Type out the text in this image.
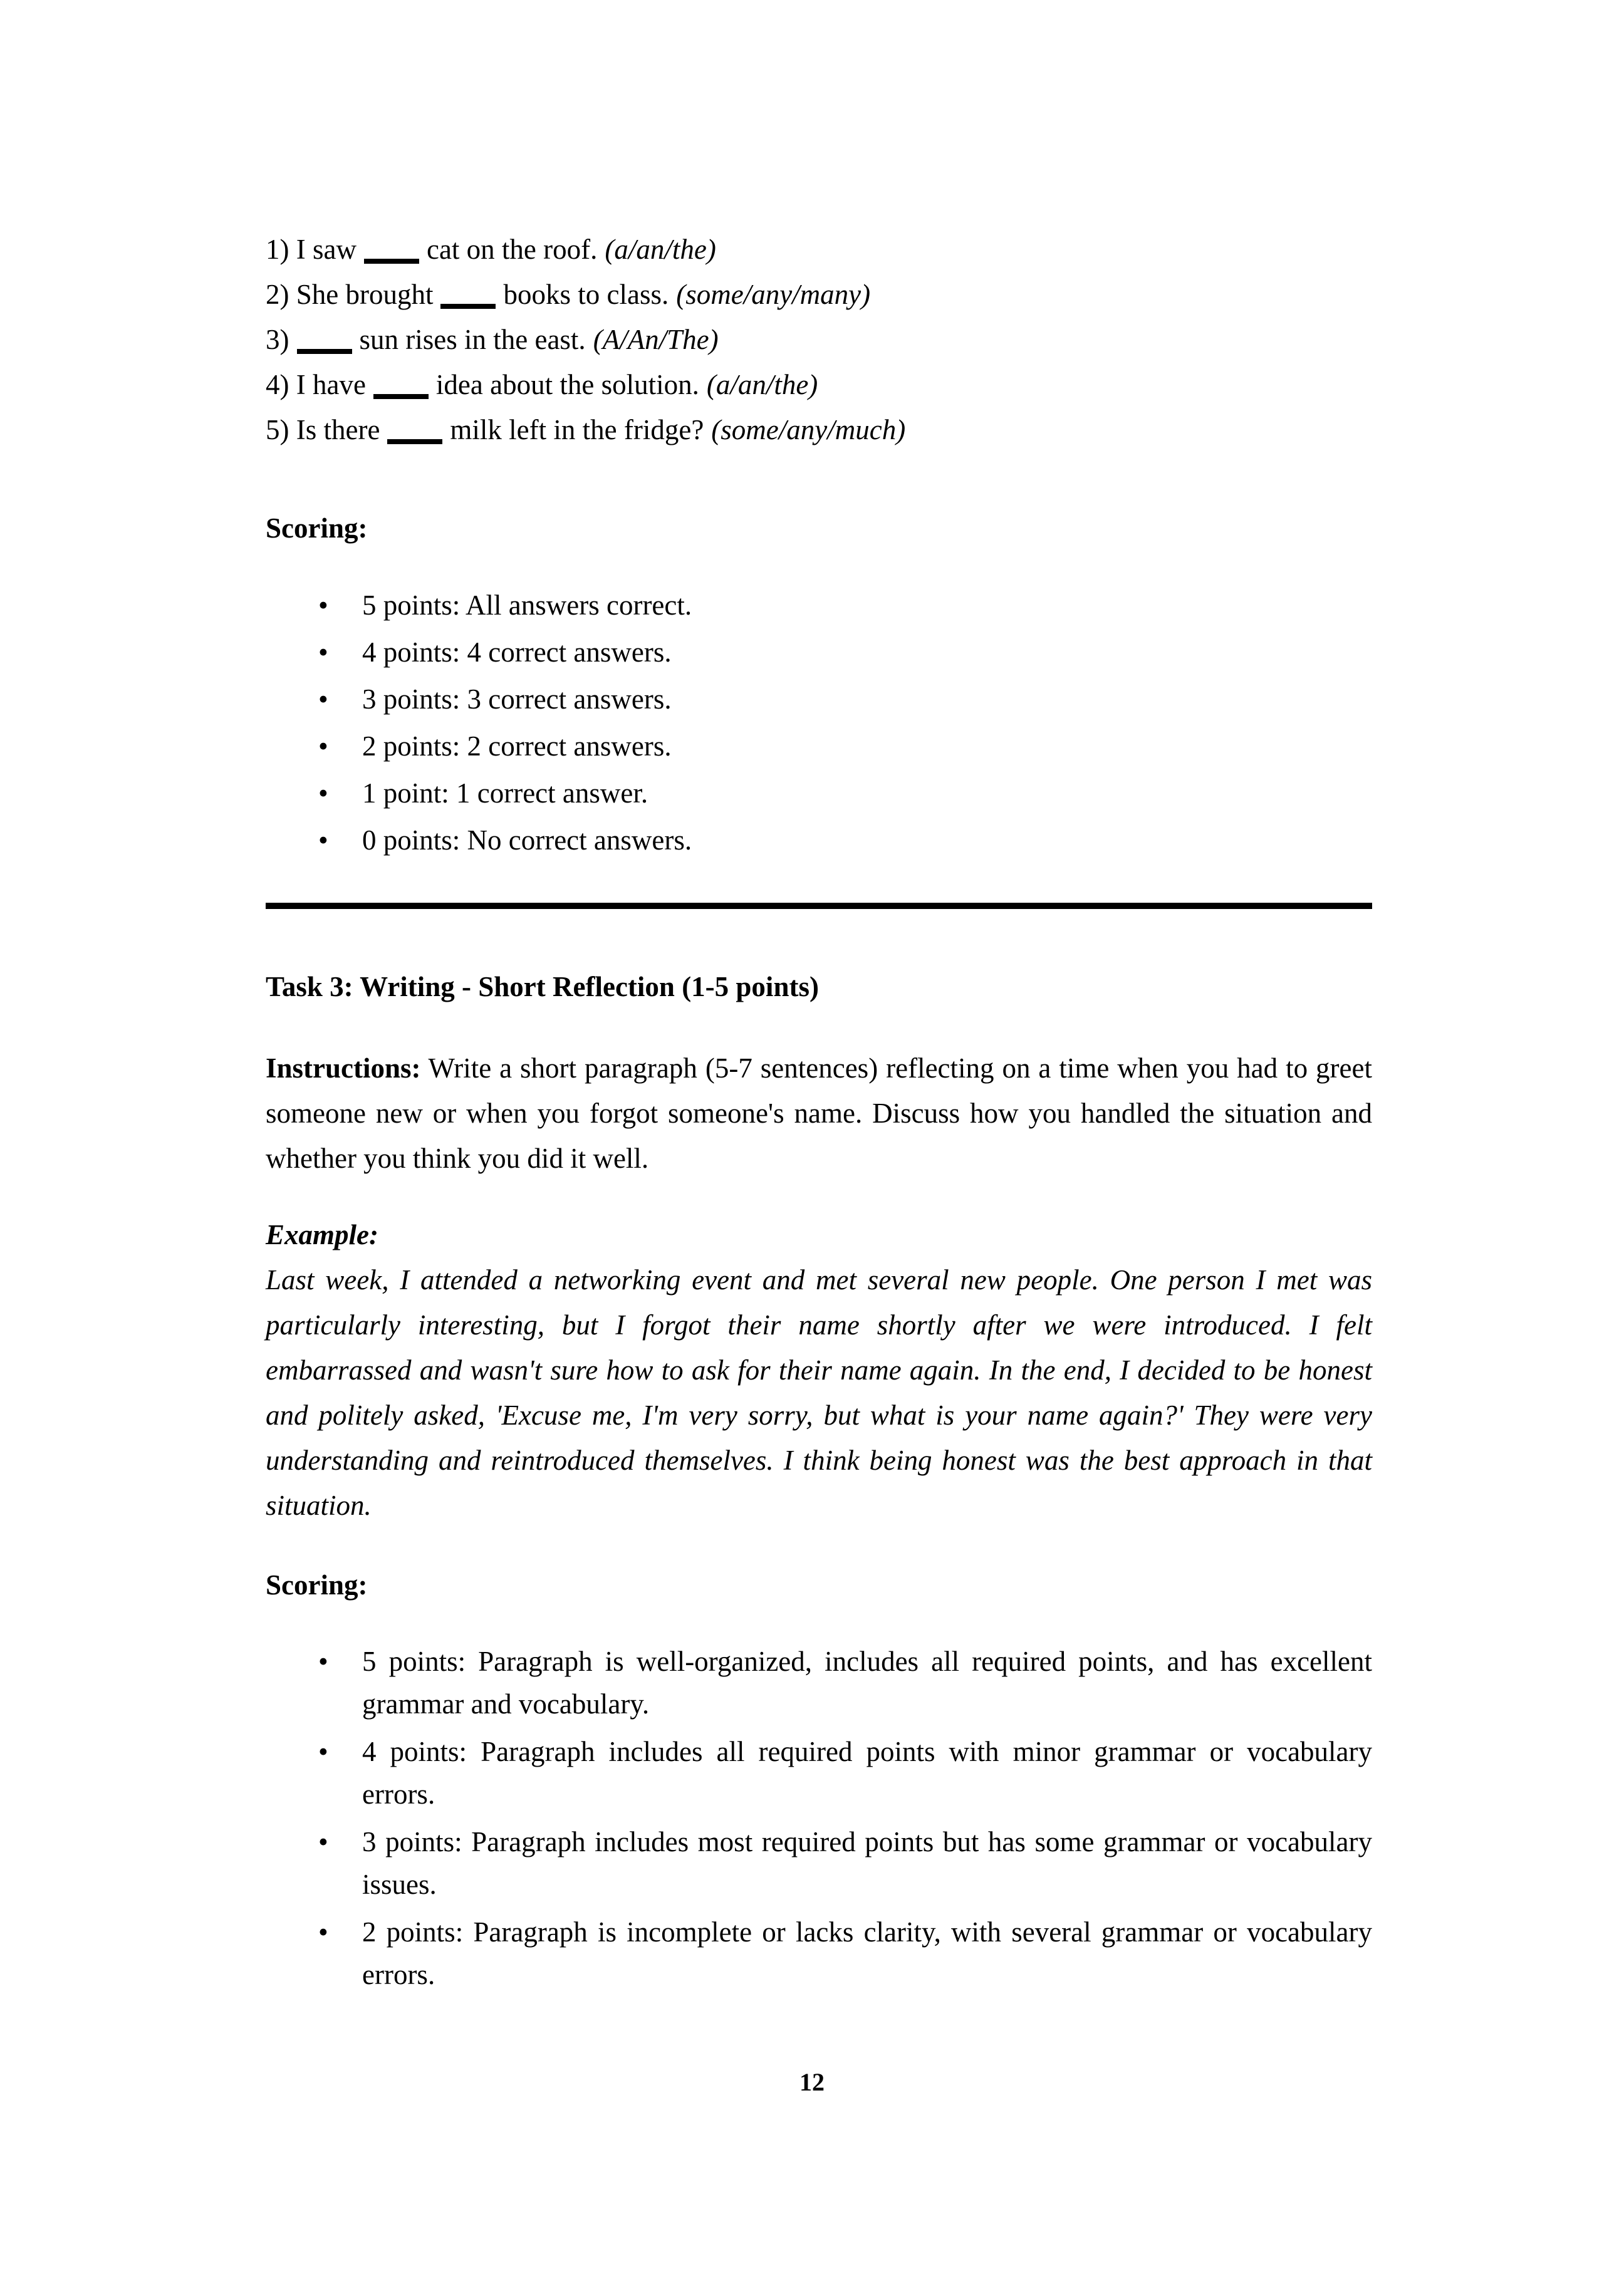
1) I saw cat on the roof. (a/an/the)

2) She brought books to class. (some/any/many)

3) sun rises in the east. (A/An/The)

4) I have idea about the solution. (a/an/the)

5) Is there milk left in the fridge? (some/any/much)

Scoring:

•	5 points: All answers correct.
•	4 points: 4 correct answers.
•	3 points: 3 correct answers.
•	2 points: 2 correct answers.
•	1 point: 1 correct answer.
•	0 points: No correct answers.

Task 3: Writing - Short Reflection (1-5 points)

Instructions: Write a short paragraph (5-7 sentences) reflecting on a time when you had to greet someone new or when you forgot someone's name. Discuss how you handled the situation and whether you think you did it well.

Example:

Last week, I attended a networking event and met several new people. One person I met was particularly interesting, but I forgot their name shortly after we were introduced. I felt embarrassed and wasn't sure how to ask for their name again. In the end, I decided to be honest and politely asked, 'Excuse me, I'm very sorry, but what is your name again?' They were very understanding and reintroduced themselves. I think being honest was the best approach in that situation.

Scoring:

•	5 points: Paragraph is well-organized, includes all required points, and has excellent grammar and vocabulary.
•	4 points: Paragraph includes all required points with minor grammar or vocabulary errors.
•	3 points: Paragraph includes most required points but has some grammar or vocabulary issues.
•	2 points: Paragraph is incomplete or lacks clarity, with several grammar or vocabulary errors.
12
